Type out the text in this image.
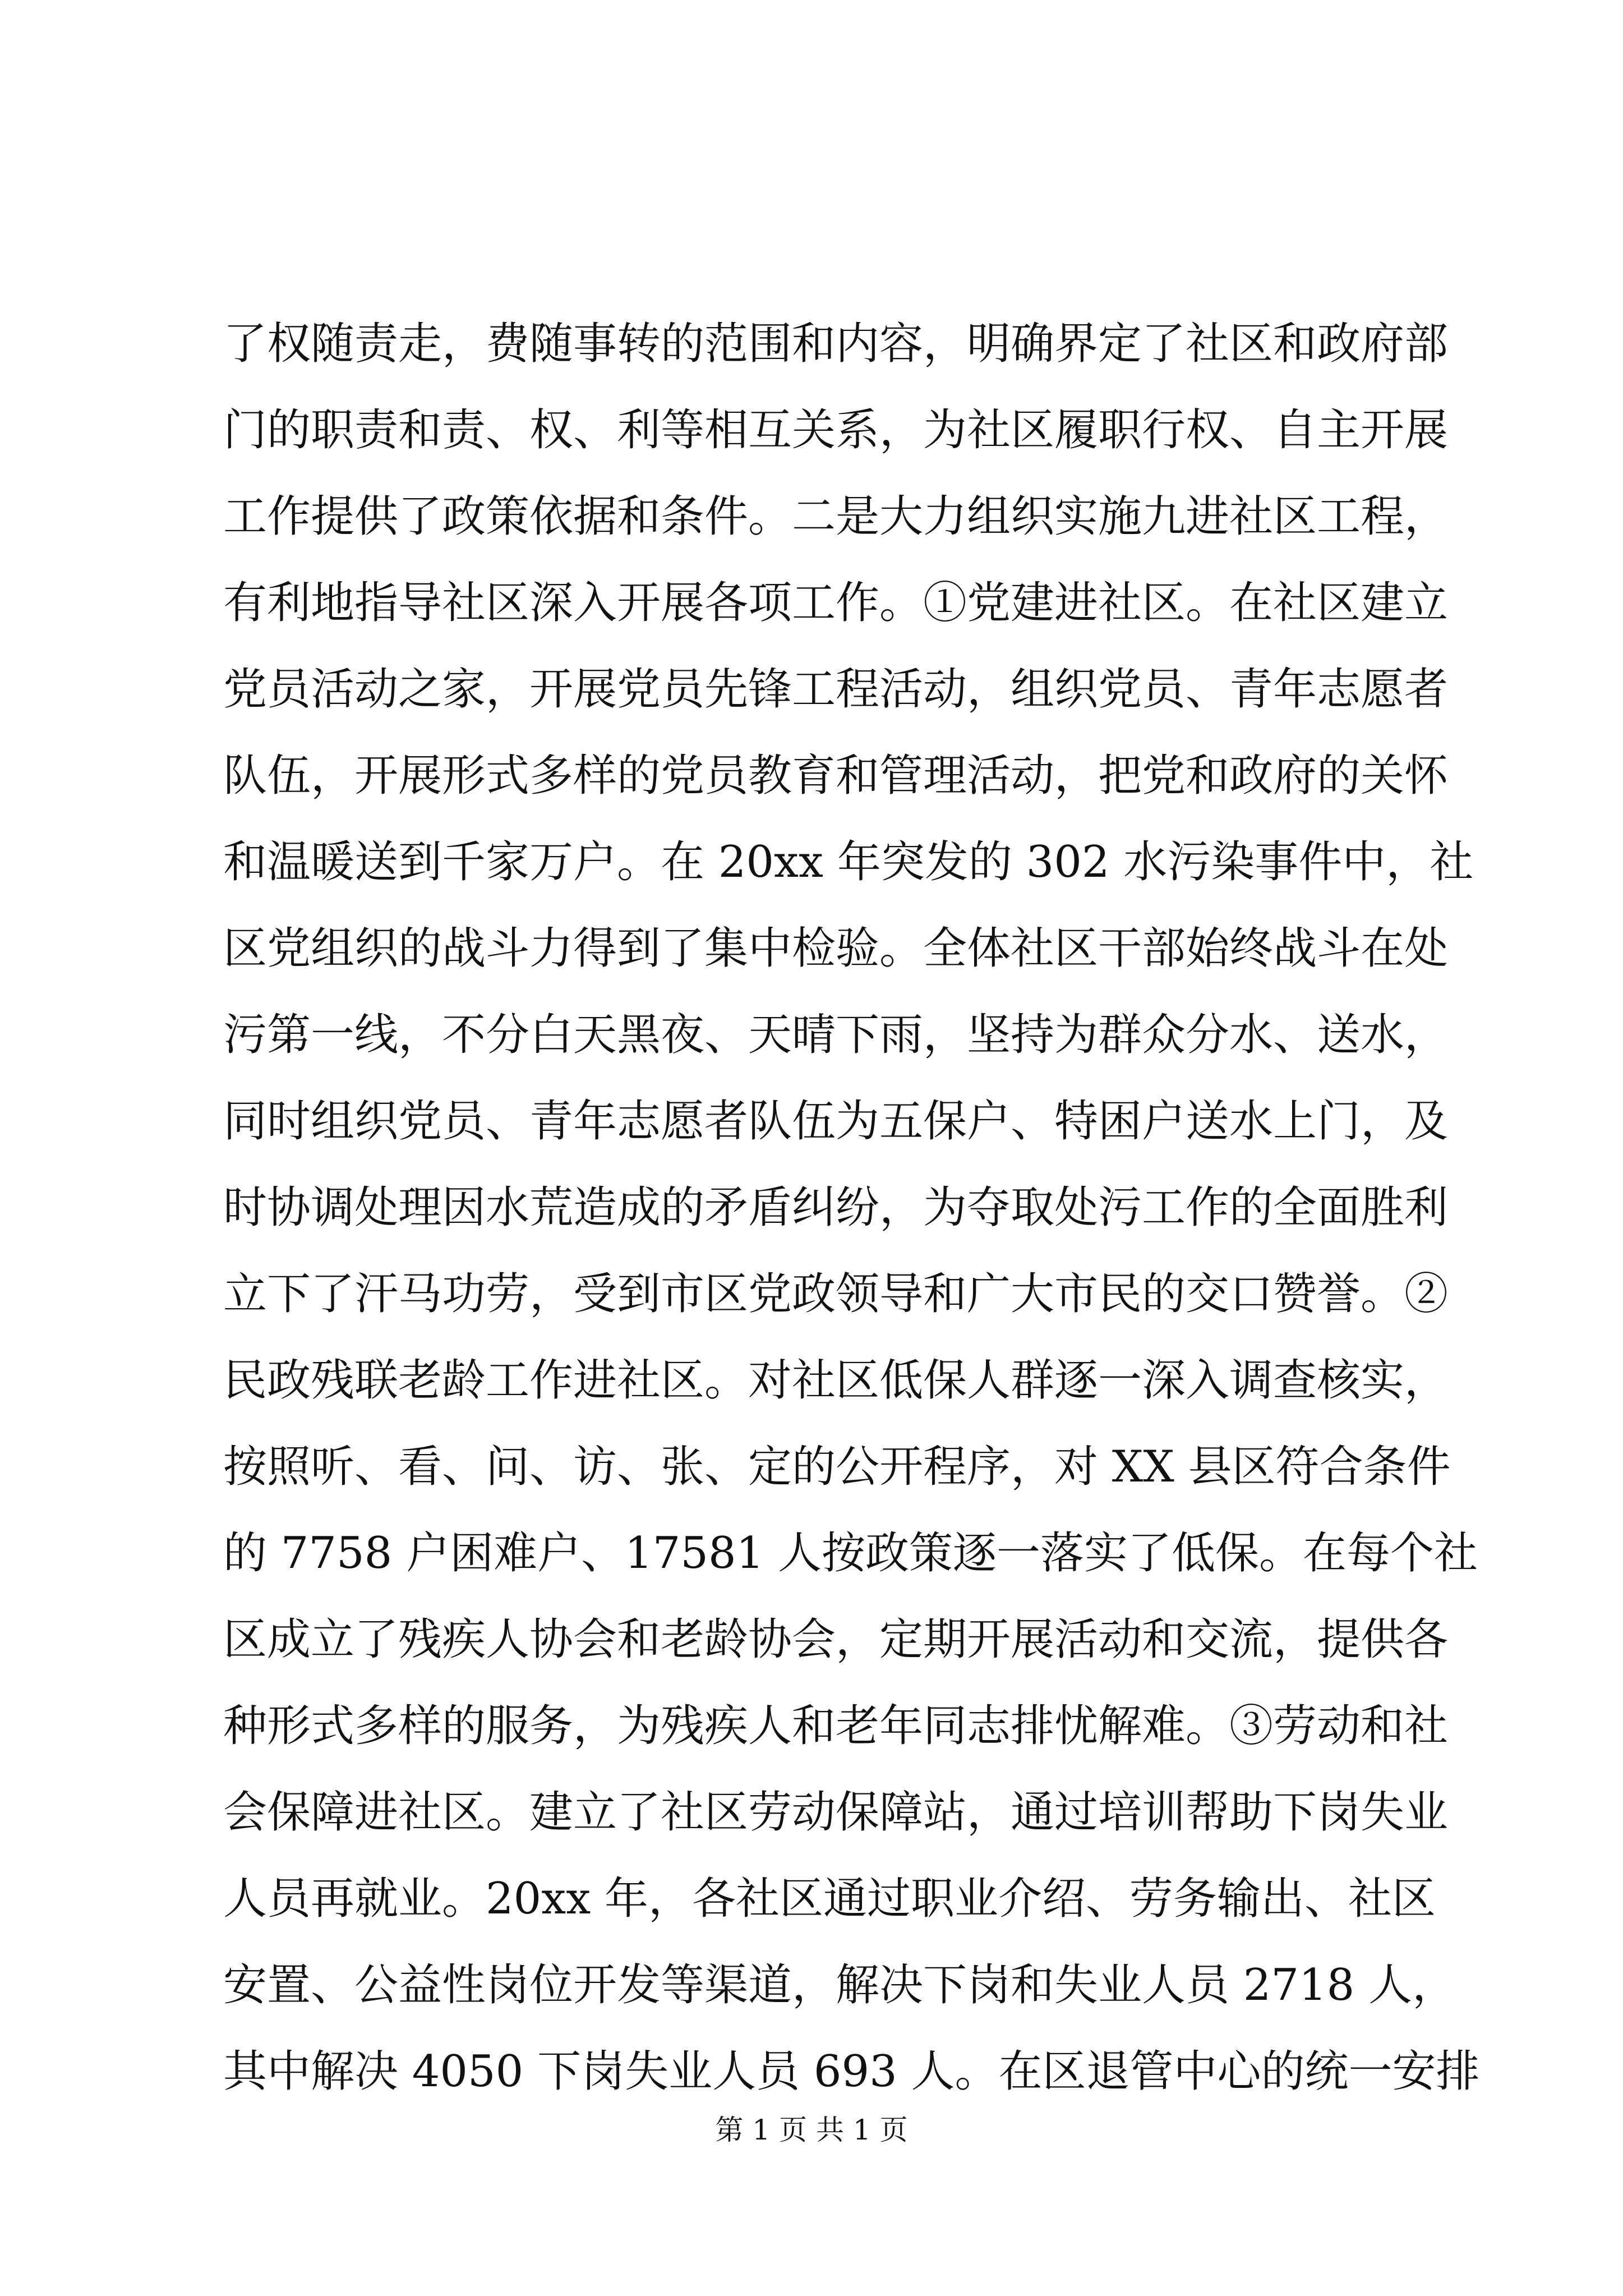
了权随责走，费随事转的范围和内容，明确界定了社区和政府部
门的职责和责、权、利等相互关系，为社区履职行权、自主开展
工作提供了政策依据和条件。二是大力组织实施九进社区工程，
有利地指导社区深入开展各项工作。①党建进社区。在社区建立
党员活动之家，开展党员先锋工程活动，组织党员、青年志愿者
队伍，开展形式多样的党员教育和管理活动，把党和政府的关怀
和温暖送到千家万户。在 20xx 年突发的 302 水污染事件中，社
区党组织的战斗力得到了集中检验。全体社区干部始终战斗在处
污第一线，不分白天黑夜、天晴下雨，坚持为群众分水、送水，
同时组织党员、青年志愿者队伍为五保户、特困户送水上门，及
时协调处理因水荒造成的矛盾纠纷，为夺取处污工作的全面胜利
立下了汗马功劳，受到市区党政领导和广大市民的交口赞誉。②
民政残联老龄工作进社区。对社区低保人群逐一深入调查核实，
按照听、看、问、访、张、定的公开程序，对 XX 县区符合条件
的 7758 户困难户、17581 人按政策逐一落实了低保。在每个社
区成立了残疾人协会和老龄协会，定期开展活动和交流，提供各
种形式多样的服务，为残疾人和老年同志排忧解难。③劳动和社
会保障进社区。建立了社区劳动保障站，通过培训帮助下岗失业
人员再就业。20xx 年，各社区通过职业介绍、劳务输出、社区
安置、公益性岗位开发等渠道，解决下岗和失业人员 2718 人，
其中解决 4050 下岗失业人员 693 人。在区退管中心的统一安排
第 1 页 共 1 页
